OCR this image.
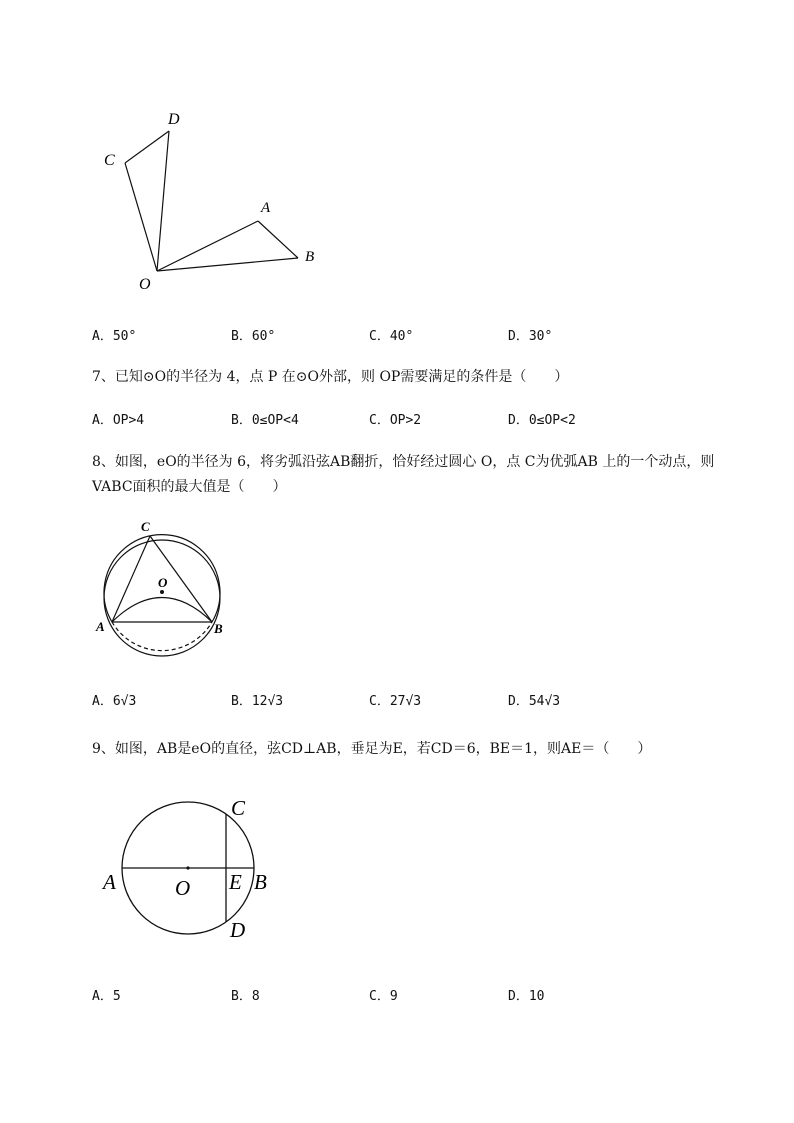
D
C
A
B
O
A．50°	B．60°	C．40°	D．30°
7、已知⊙O的半径为 4，点 P 在⊙O外部，则 OP需要满足的条件是（　　）
A．OP>4	B．0≤OP<4	C．OP>2	D．0≤OP<2
8、如图，eO的半径为 6，将劣弧沿弦AB翻折，恰好经过圆心 O，点 C为优弧AB 上的一个动点，则
VABC面积的最大值是（　　）
C
O
A	B
A．6√3	B．12√3	C．27√3	D．54√3
9、如图，AB是eO的直径，弦CD⊥AB，垂足为E，若CD＝6，BE＝1，则AE＝（　　）
C
A	O E B
D
A．5	B．8	C．9	D．10
